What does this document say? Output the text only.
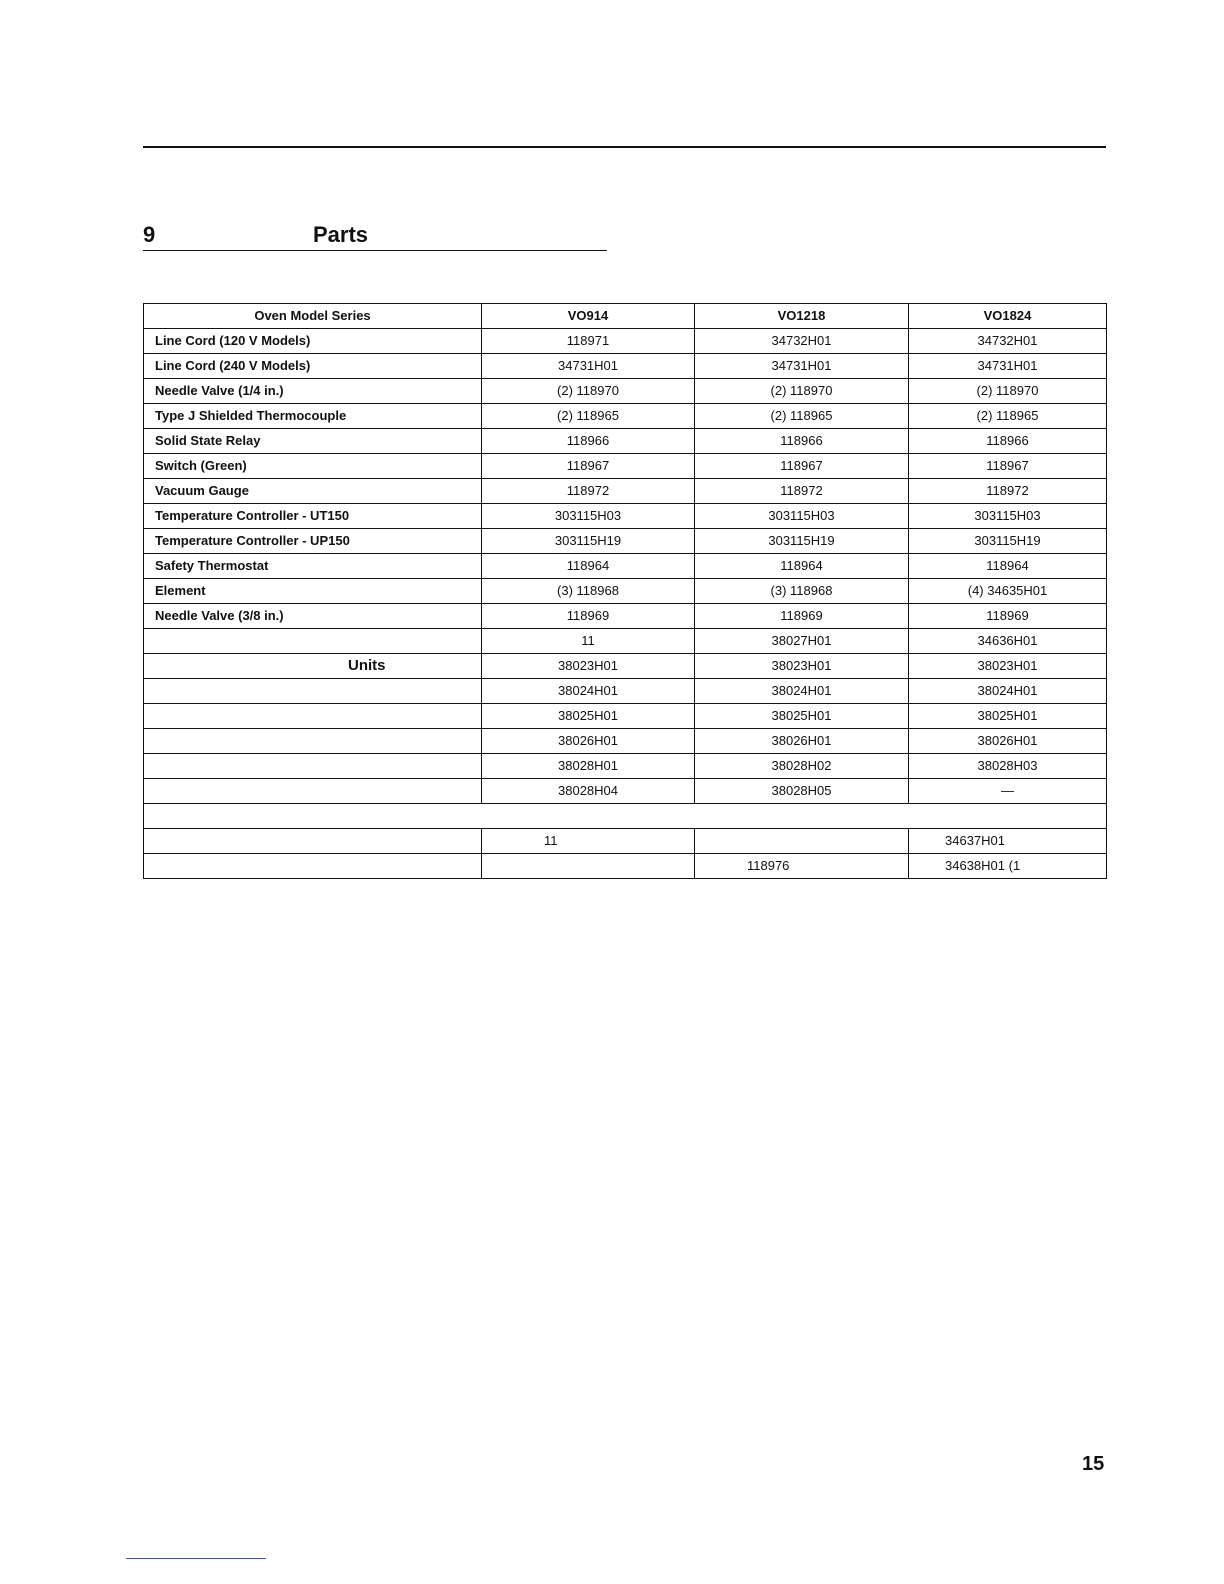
9	Parts
Oven Model Series	VO914	VO1218	VO1824
Line Cord (120 V Models)	118971	34732H01	34732H01
Line Cord (240 V Models)	34731H01	34731H01	34731H01
Needle Valve (1/4 in.)	(2) 118970	(2) 118970	(2) 118970
Type J Shielded Thermocouple	(2) 118965	(2) 118965	(2) 118965
Solid State Relay	118966	118966	118966
Switch (Green)	118967	118967	118967
Vacuum Gauge	118972	118972	118972
Temperature Controller - UT150	303115H03	303115H03	303115H03
Temperature Controller - UP150	303115H19	303115H19	303115H19
Safety Thermostat	118964	118964	118964
Element	(3) 118968	(3) 118968	(4) 34635H01
Needle Valve (3/8 in.)	118969	118969	118969
	11	38027H01	34636H01
Units	38023H01	38023H01	38023H01
	38024H01	38024H01	38024H01
	38025H01	38025H01	38025H01
	38026H01	38026H01	38026H01
	38028H01	38028H02	38028H03
	38028H04	38028H05	—

	11		34637H01
		118976	34638H01 (1
15
